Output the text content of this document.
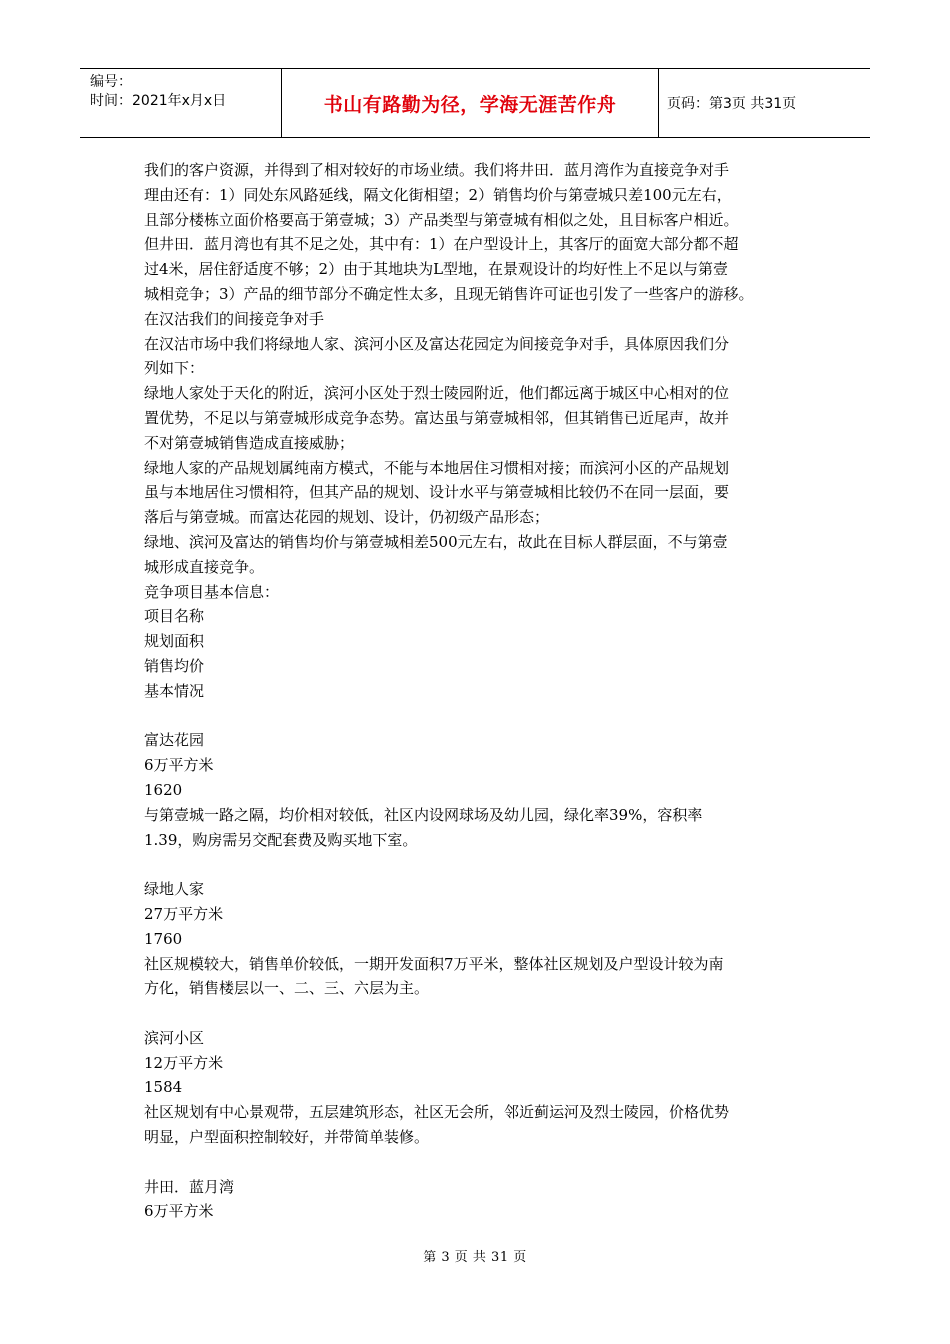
编号：
时间：2021年x月x日	书山有路勤为径，学海无涯苦作舟	页码：第3页 共31页
我们的客户资源，并得到了相对较好的市场业绩。我们将井田．蓝月湾作为直接竞争对手
理由还有：1）同处东风路延线，隔文化街相望；2）销售均价与第壹城只差100元左右，
且部分楼栋立面价格要高于第壹城；3）产品类型与第壹城有相似之处，且目标客户相近。
但井田．蓝月湾也有其不足之处，其中有：1）在户型设计上，其客厅的面宽大部分都不超
过4米，居住舒适度不够；2）由于其地块为L型地，在景观设计的均好性上不足以与第壹
城相竞争；3）产品的细节部分不确定性太多，且现无销售许可证也引发了一些客户的游移。
在汉沽我们的间接竞争对手
在汉沽市场中我们将绿地人家、滨河小区及富达花园定为间接竞争对手，具体原因我们分
列如下：
绿地人家处于天化的附近，滨河小区处于烈士陵园附近，他们都远离于城区中心相对的位
置优势，不足以与第壹城形成竞争态势。富达虽与第壹城相邻，但其销售已近尾声，故并
不对第壹城销售造成直接威胁；
绿地人家的产品规划属纯南方模式，不能与本地居住习惯相对接；而滨河小区的产品规划
虽与本地居住习惯相符，但其产品的规划、设计水平与第壹城相比较仍不在同一层面，要
落后与第壹城。而富达花园的规划、设计，仍初级产品形态；
绿地、滨河及富达的销售均价与第壹城相差500元左右，故此在目标人群层面，不与第壹
城形成直接竞争。
竞争项目基本信息：
项目名称
规划面积
销售均价
基本情况
富达花园
6万平方米
1620
与第壹城一路之隔，均价相对较低，社区内设网球场及幼儿园，绿化率39%，容积率
1.39，购房需另交配套费及购买地下室。
绿地人家
27万平方米
1760
社区规模较大，销售单价较低，一期开发面积7万平米，整体社区规划及户型设计较为南
方化，销售楼层以一、二、三、六层为主。
滨河小区
12万平方米
1584
社区规划有中心景观带，五层建筑形态，社区无会所，邻近蓟运河及烈士陵园，价格优势
明显，户型面积控制较好，并带简单装修。
井田．蓝月湾
6万平方米
第 3 页 共 31 页
